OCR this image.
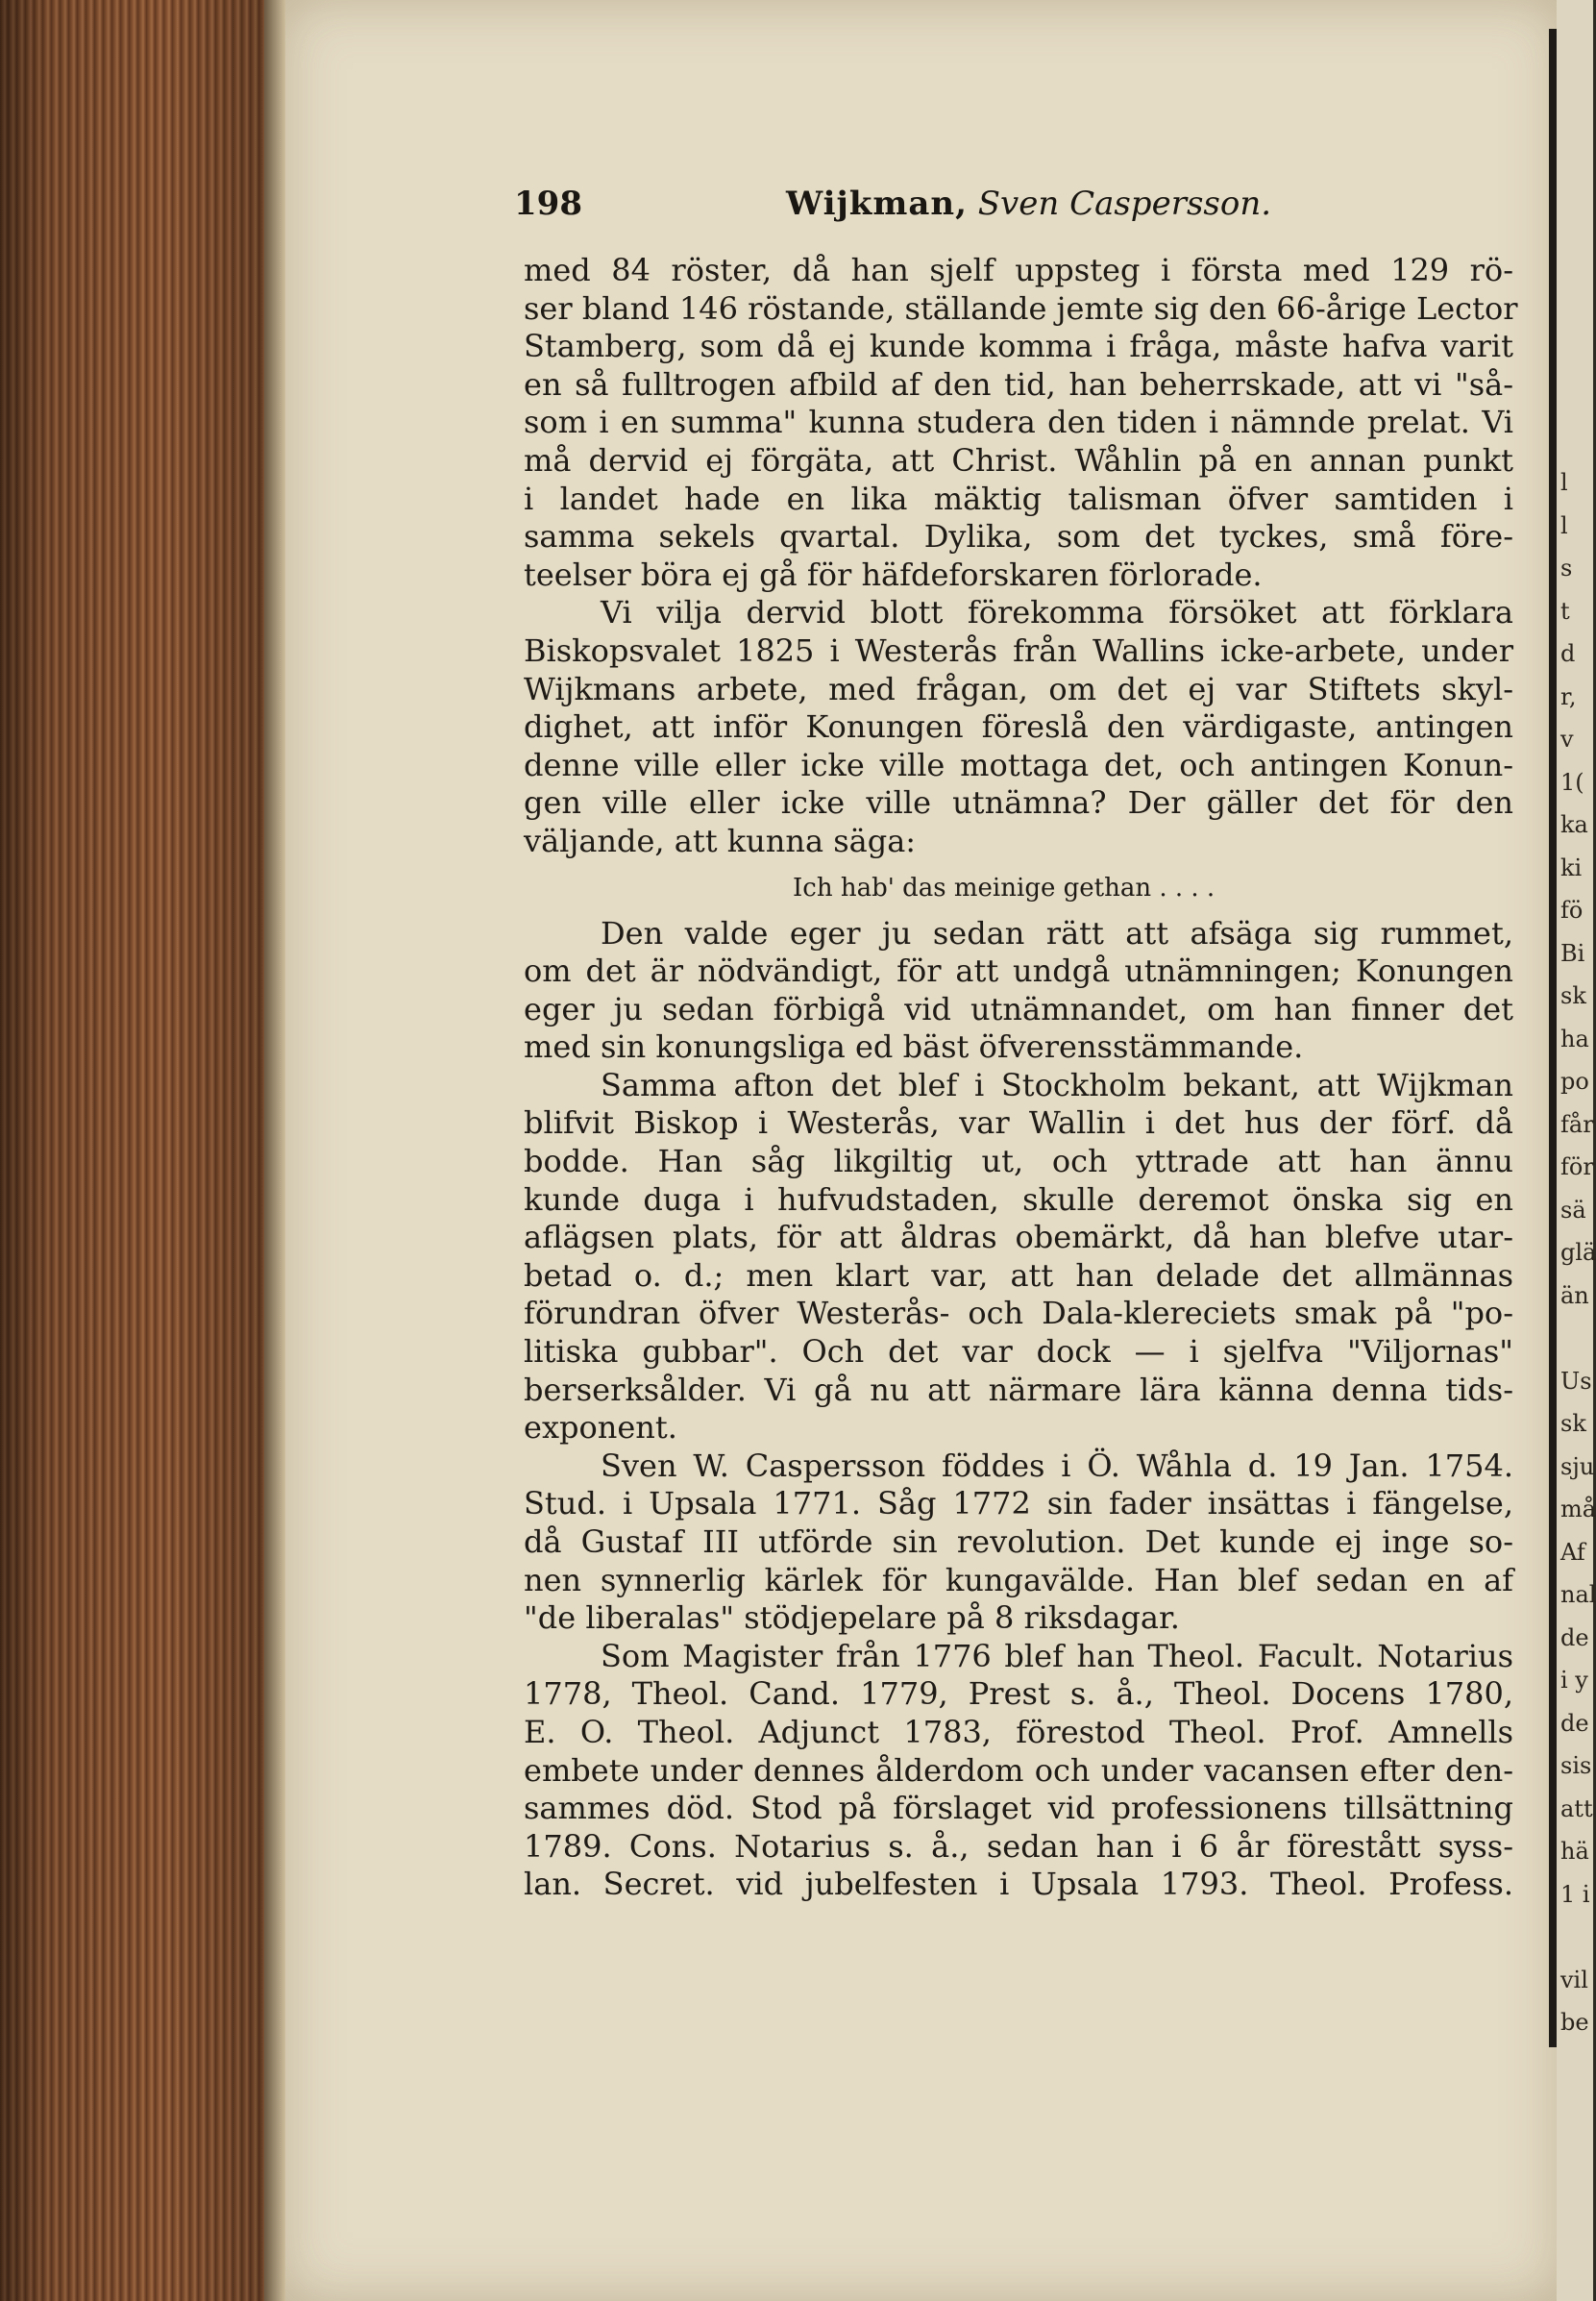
l
l
s
t
d
r,
v
1(
ka
ki
fö
Bi
sk
ha
po
får
för
sä
glä
än
Us
sk
sju
må
Af
nal
de
i y
de
sis
att
hä
1 i
vil
be
198	Wijkman, Sven Caspersson.
med 84 röster, då han sjelf uppsteg i första med 129 rö-
ser bland 146 röstande, ställande jemte sig den 66-årige Lector
Stamberg, som då ej kunde komma i fråga, måste hafva varit
en så fulltrogen afbild af den tid, han beherrskade, att vi "så-
som i en summa" kunna studera den tiden i nämnde prelat. Vi
må dervid ej förgäta, att Christ. Wåhlin på en annan punkt
i landet hade en lika mäktig talisman öfver samtiden i
samma sekels qvartal. Dylika, som det tyckes, små före-
teelser böra ej gå för häfdeforskaren förlorade.
Vi vilja dervid blott förekomma försöket att förklara
Biskopsvalet 1825 i Westerås från Wallins icke-arbete, under
Wijkmans arbete, med frågan, om det ej var Stiftets skyl-
dighet, att inför Konungen föreslå den värdigaste, antingen
denne ville eller icke ville mottaga det, och antingen Konun-
gen ville eller icke ville utnämna? Der gäller det för den
väljande, att kunna säga:
Ich hab' das meinige gethan . . . .
Den valde eger ju sedan rätt att afsäga sig rummet,
om det är nödvändigt, för att undgå utnämningen; Konungen
eger ju sedan förbigå vid utnämnandet, om han finner det
med sin konungsliga ed bäst öfverensstämmande.
Samma afton det blef i Stockholm bekant, att Wijkman
blifvit Biskop i Westerås, var Wallin i det hus der förf. då
bodde. Han såg likgiltig ut, och yttrade att han ännu
kunde duga i hufvudstaden, skulle deremot önska sig en
aflägsen plats, för att åldras obemärkt, då han blefve utar-
betad o. d.; men klart var, att han delade det allmännas
förundran öfver Westerås- och Dala-klereciets smak på "po-
litiska gubbar". Och det var dock — i sjelfva "Viljornas"
berserksålder. Vi gå nu att närmare lära känna denna tids-
exponent.
Sven W. Caspersson föddes i Ö. Wåhla d. 19 Jan. 1754.
Stud. i Upsala 1771. Såg 1772 sin fader insättas i fängelse,
då Gustaf III utförde sin revolution. Det kunde ej inge so-
nen synnerlig kärlek för kungavälde. Han blef sedan en af
"de liberalas" stödjepelare på 8 riksdagar.
Som Magister från 1776 blef han Theol. Facult. Notarius
1778, Theol. Cand. 1779, Prest s. å., Theol. Docens 1780,
E. O. Theol. Adjunct 1783, förestod Theol. Prof. Amnells
embete under dennes ålderdom och under vacansen efter den-
sammes död. Stod på förslaget vid professionens tillsättning
1789. Cons. Notarius s. å., sedan han i 6 år förestått syss-
lan. Secret. vid jubelfesten i Upsala 1793. Theol. Profess.
